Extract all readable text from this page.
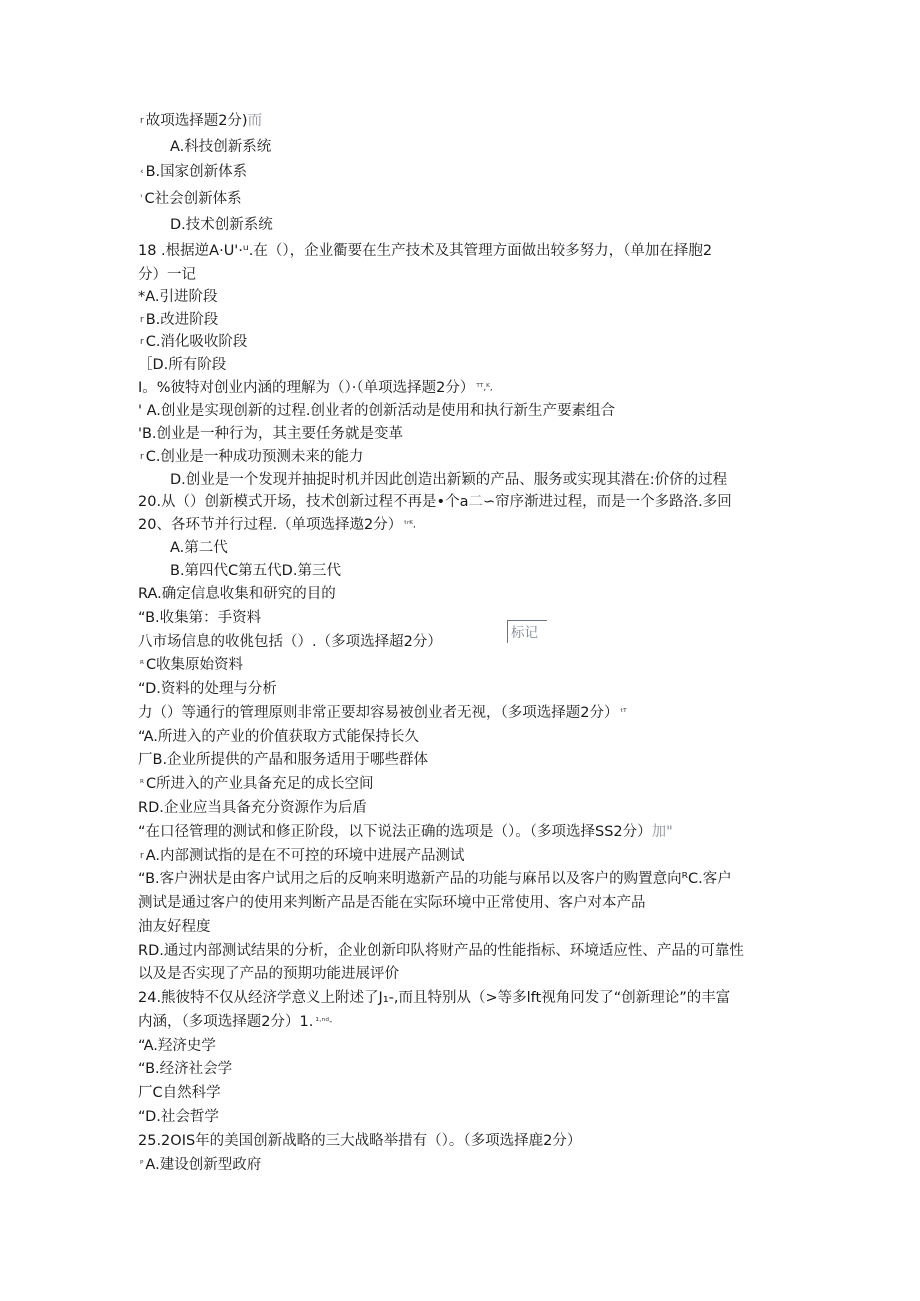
$^r$ 故项选择题2分)而
A.科技创新系统
‹ B.国家创新体系
' C社会创新体系
D.技术创新系统
18 .根据逆A·U'·ᵘ.在（），企业衢要在生产技术及其管理方面做出较多努力，（单加在择胞2
分）一记
*A.引进阶段
$^r$ B.改进阶段
$^r$ C.消化吸收阶段
［D.所有阶段
I。%彼特对创业内涵的理解为（）·（单项选择题2分） $^{ᵀᵀ,ᴷ,}$
' A.创业是实现创新的过程.创业者的创新活动是使用和执行新生产要素组合
'B.创业是一种行为，其主要任务就是变革
$^r$ C.创业是一种成功预测未来的能力
D.创业是一个发现并抽捉时机并因此创造出新颖的产品、服务或实现其潜在:价侪的过程
20.从（）创新模式开场，技术创新过程不再是•个a二∽帘序渐进过程，而是一个多路洛.多回
20、各环节并行过程.（单项选择遨2分） $^{ᵗʳᴷ,}$
A.第二代
B.第四代C第五代D.第三代
RA.确定信息收集和研究的目的
“B.收集第：手资料
八市场信息的收佻包括（）.（多项选择超2分）
$^ᴿ$ C收集原始资料
“D.资料的处理与分析
力（）等通行的管理原则非常正要却容易被创业者无视，（多项选择题2分） $^{ᵗᵀ}$
“A.所进入的产业的价值获取方式能保持长久
厂B.企业所提供的产晶和服务适用于哪些群体
$^ᴿ$ C所进入的产业具备充足的成长空间
RD.企业应当具备充分资源作为后盾
“在口径管理的测试和修正阶段，以下说法正确的选项是（）。（多项选择SS2分）加"
$^r$ A.内部测试指的是在不可控的环境中进展产品测试
“B.客户洲状是由客户试用之后的反响来明遨新产品的功能与麻吊以及客户的购置意向ᴿC.客户
测试是通过客户的使用来判断产品是否能在实际环境中正常使用、客户对本产品
油友好程度
RD.通过内部测试结果的分析，企业创新印队将财产品的性能指标、环境适应性、产品的可靠性
以及是否实现了产品的预期功能进展评价
24.熊彼特不仅从经济学意义上附述了J₁-,而且特别从（>等多lft视角冋发了“创新理论”的丰富
内涵，（多项选择题2分）1. $^{^1\cdot^nᵈ-}$
“A.羟济史学
“B.经济社会学
厂C自然科学
“D.社会哲学
25.2OIS年的美国创新战略的三大战略举措有（）。（多项选择鹿2分）
$^ᴾ$ A.建设创新型政府
标记
